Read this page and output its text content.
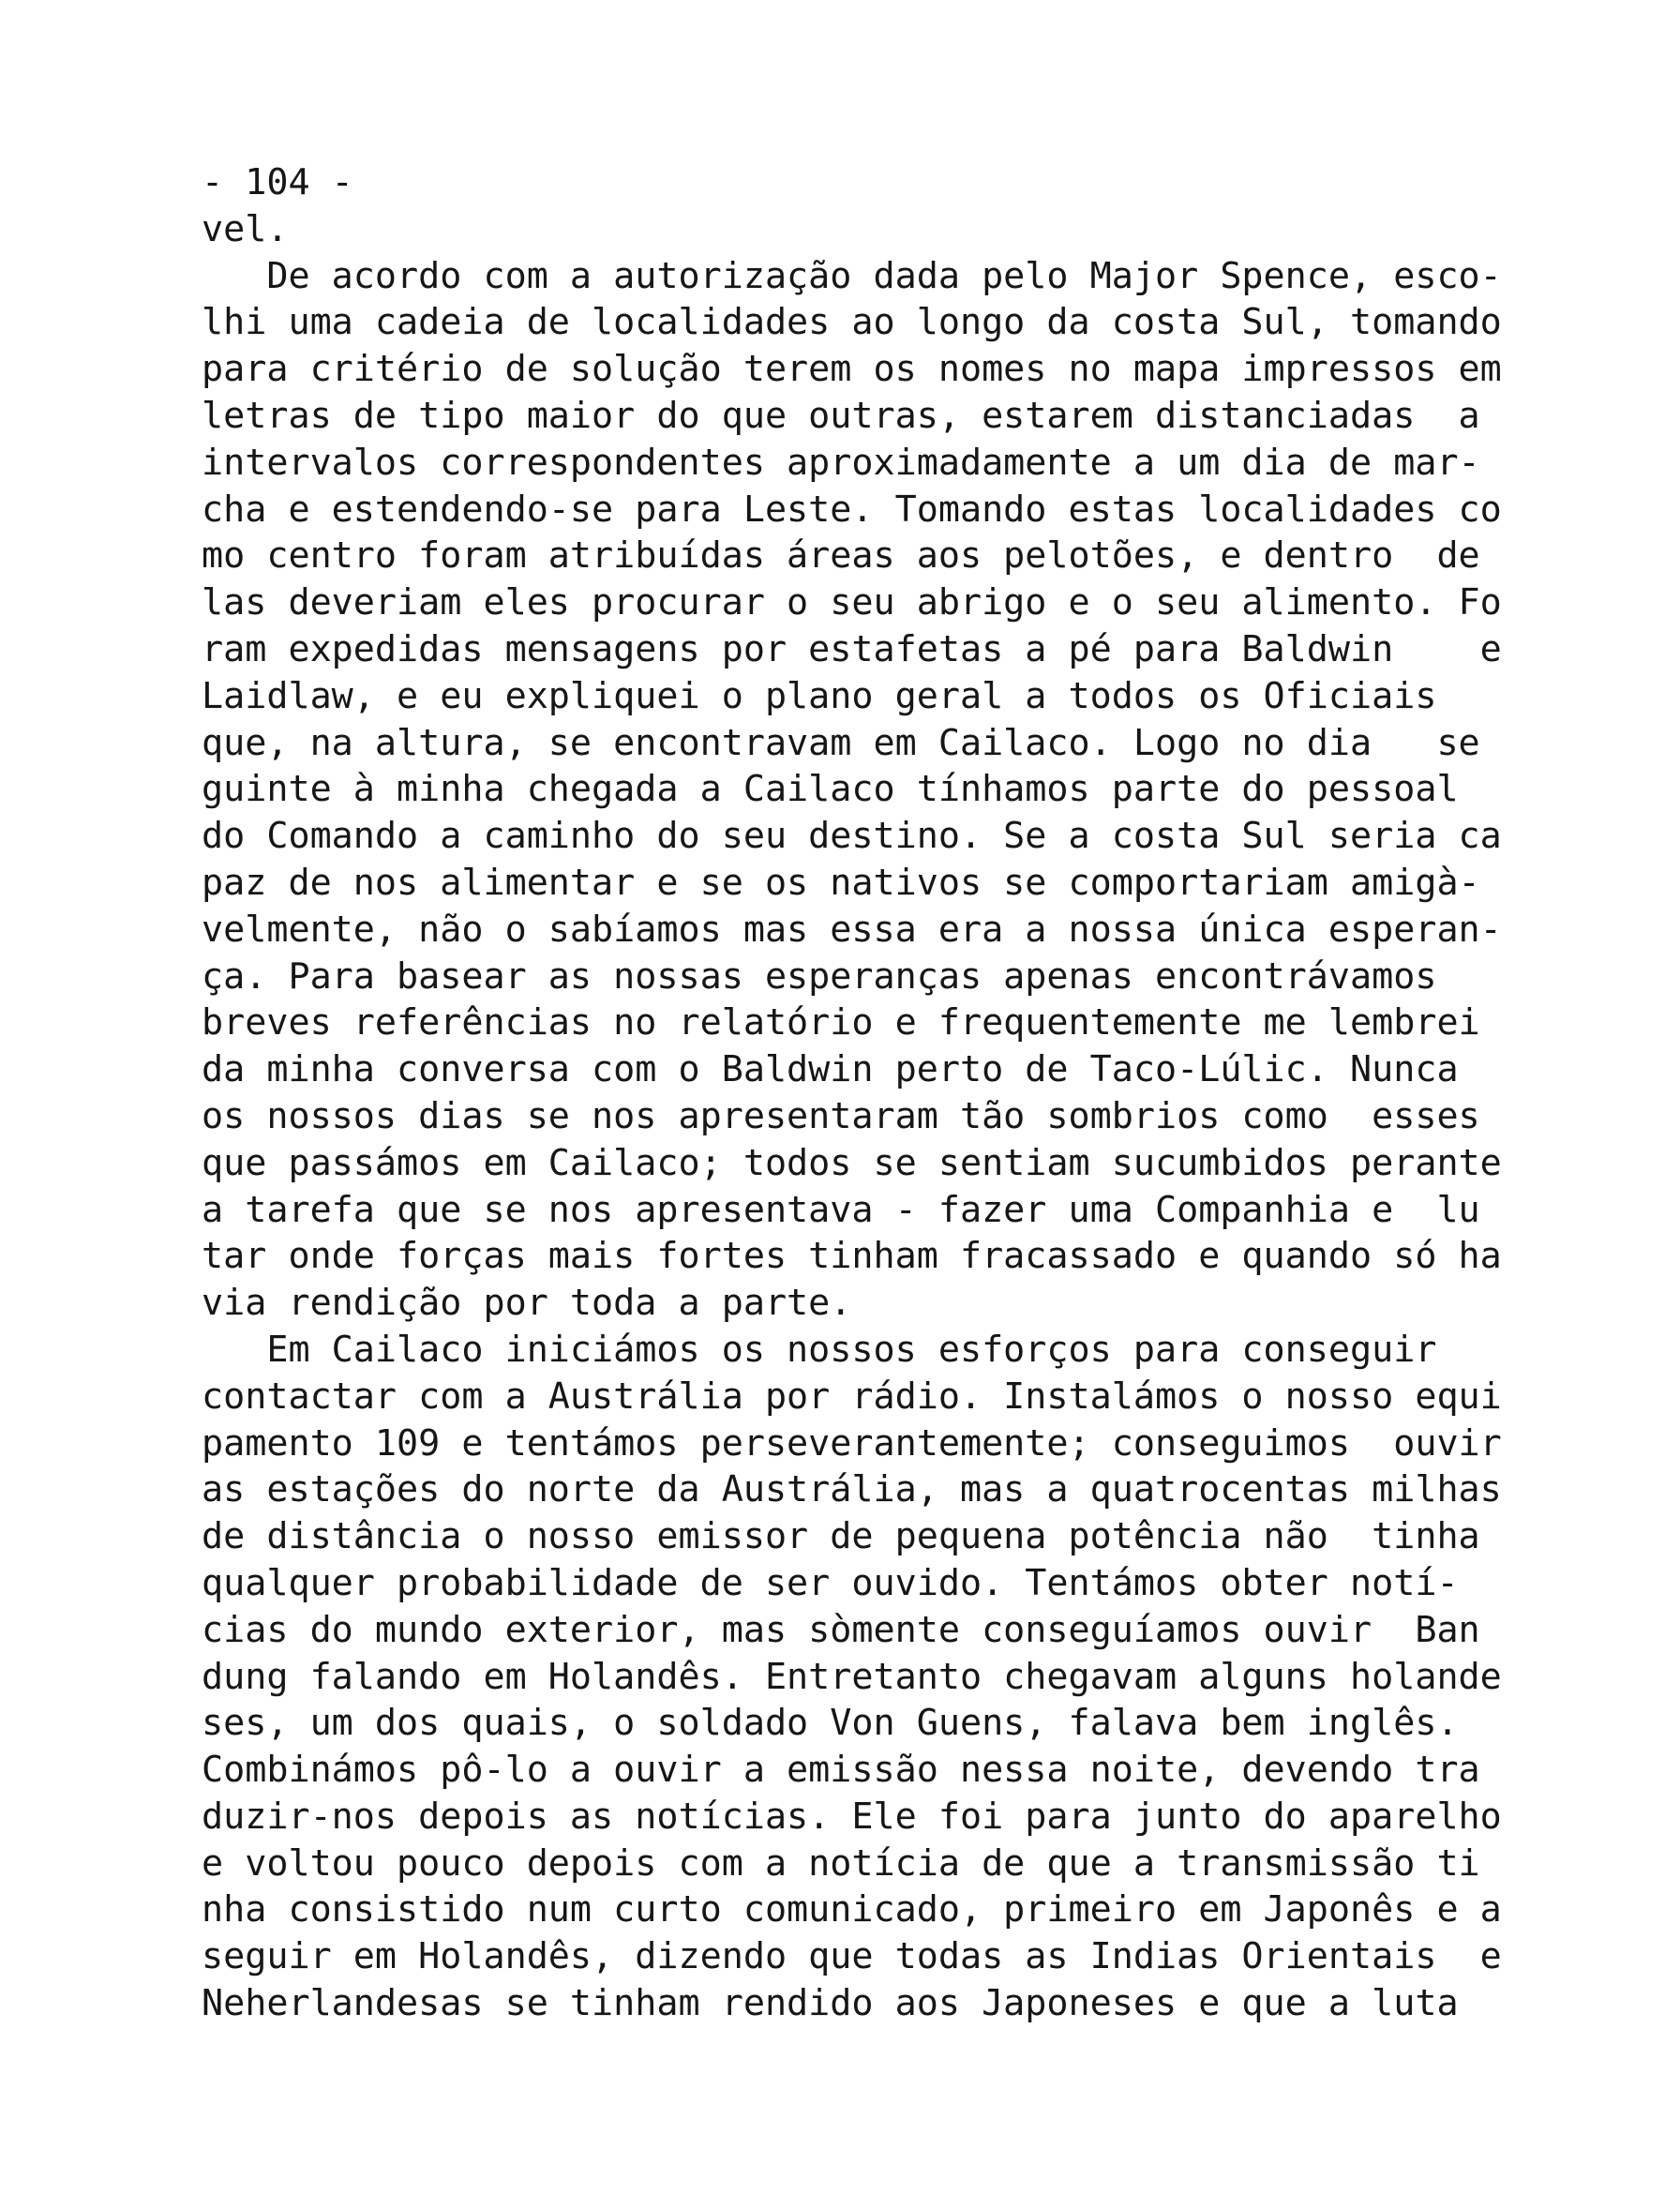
- 104 -
vel.
De acordo com a autorização dada pelo Major Spence, esco-
lhi uma cadeia de localidades ao longo da costa Sul, tomando
para critério de solução terem os nomes no mapa impressos em
letras de tipo maior do que outras, estarem distanciadas  a
intervalos correspondentes aproximadamente a um dia de mar-
cha e estendendo-se para Leste. Tomando estas localidades co
mo centro foram atribuídas áreas aos pelotões, e dentro  de
las deveriam eles procurar o seu abrigo e o seu alimento. Fo
ram expedidas mensagens por estafetas a pé para Baldwin    e
Laidlaw, e eu expliquei o plano geral a todos os Oficiais
que, na altura, se encontravam em Cailaco. Logo no dia   se
guinte à minha chegada a Cailaco tínhamos parte do pessoal
do Comando a caminho do seu destino. Se a costa Sul seria ca
paz de nos alimentar e se os nativos se comportariam amigà-
velmente, não o sabíamos mas essa era a nossa única esperan-
ça. Para basear as nossas esperanças apenas encontrávamos
breves referências no relatório e frequentemente me lembrei
da minha conversa com o Baldwin perto de Taco-Lúlic. Nunca
os nossos dias se nos apresentaram tão sombrios como  esses
que passámos em Cailaco; todos se sentiam sucumbidos perante
a tarefa que se nos apresentava - fazer uma Companhia e  lu
tar onde forças mais fortes tinham fracassado e quando só ha
via rendição por toda a parte.
Em Cailaco iniciámos os nossos esforços para conseguir
contactar com a Austrália por rádio. Instalámos o nosso equi
pamento 109 e tentámos perseverantemente; conseguimos  ouvir
as estações do norte da Austrália, mas a quatrocentas milhas
de distância o nosso emissor de pequena potência não  tinha
qualquer probabilidade de ser ouvido. Tentámos obter notí-
cias do mundo exterior, mas sòmente conseguíamos ouvir  Ban
dung falando em Holandês. Entretanto chegavam alguns holande
ses, um dos quais, o soldado Von Guens, falava bem inglês.
Combinámos pô-lo a ouvir a emissão nessa noite, devendo tra
duzir-nos depois as notícias. Ele foi para junto do aparelho
e voltou pouco depois com a notícia de que a transmissão ti
nha consistido num curto comunicado, primeiro em Japonês e a
seguir em Holandês, dizendo que todas as Indias Orientais  e
Neherlandesas se tinham rendido aos Japoneses e que a luta
